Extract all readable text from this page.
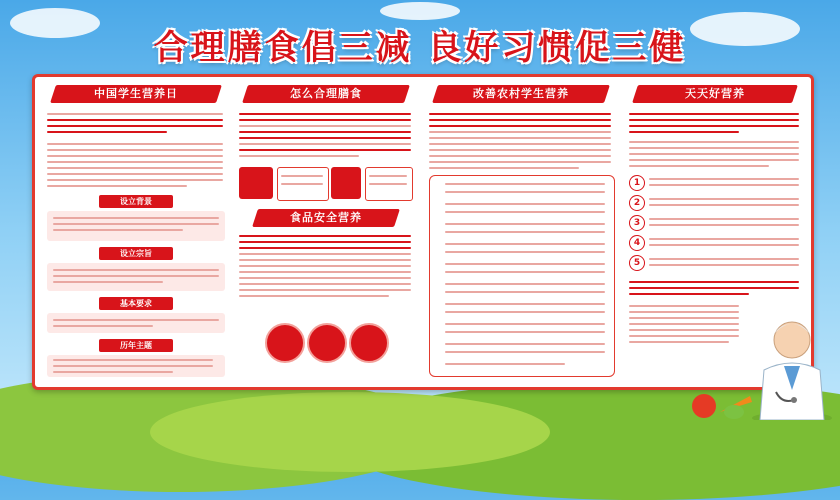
合理膳食倡三减 良好习惯促三健
中国学生营养日
设立背景
设立宗旨
基本要求
历年主题
怎么合理膳食
食品安全营养
改善农村学生营养	天天好营养
1
2
3
4
5
